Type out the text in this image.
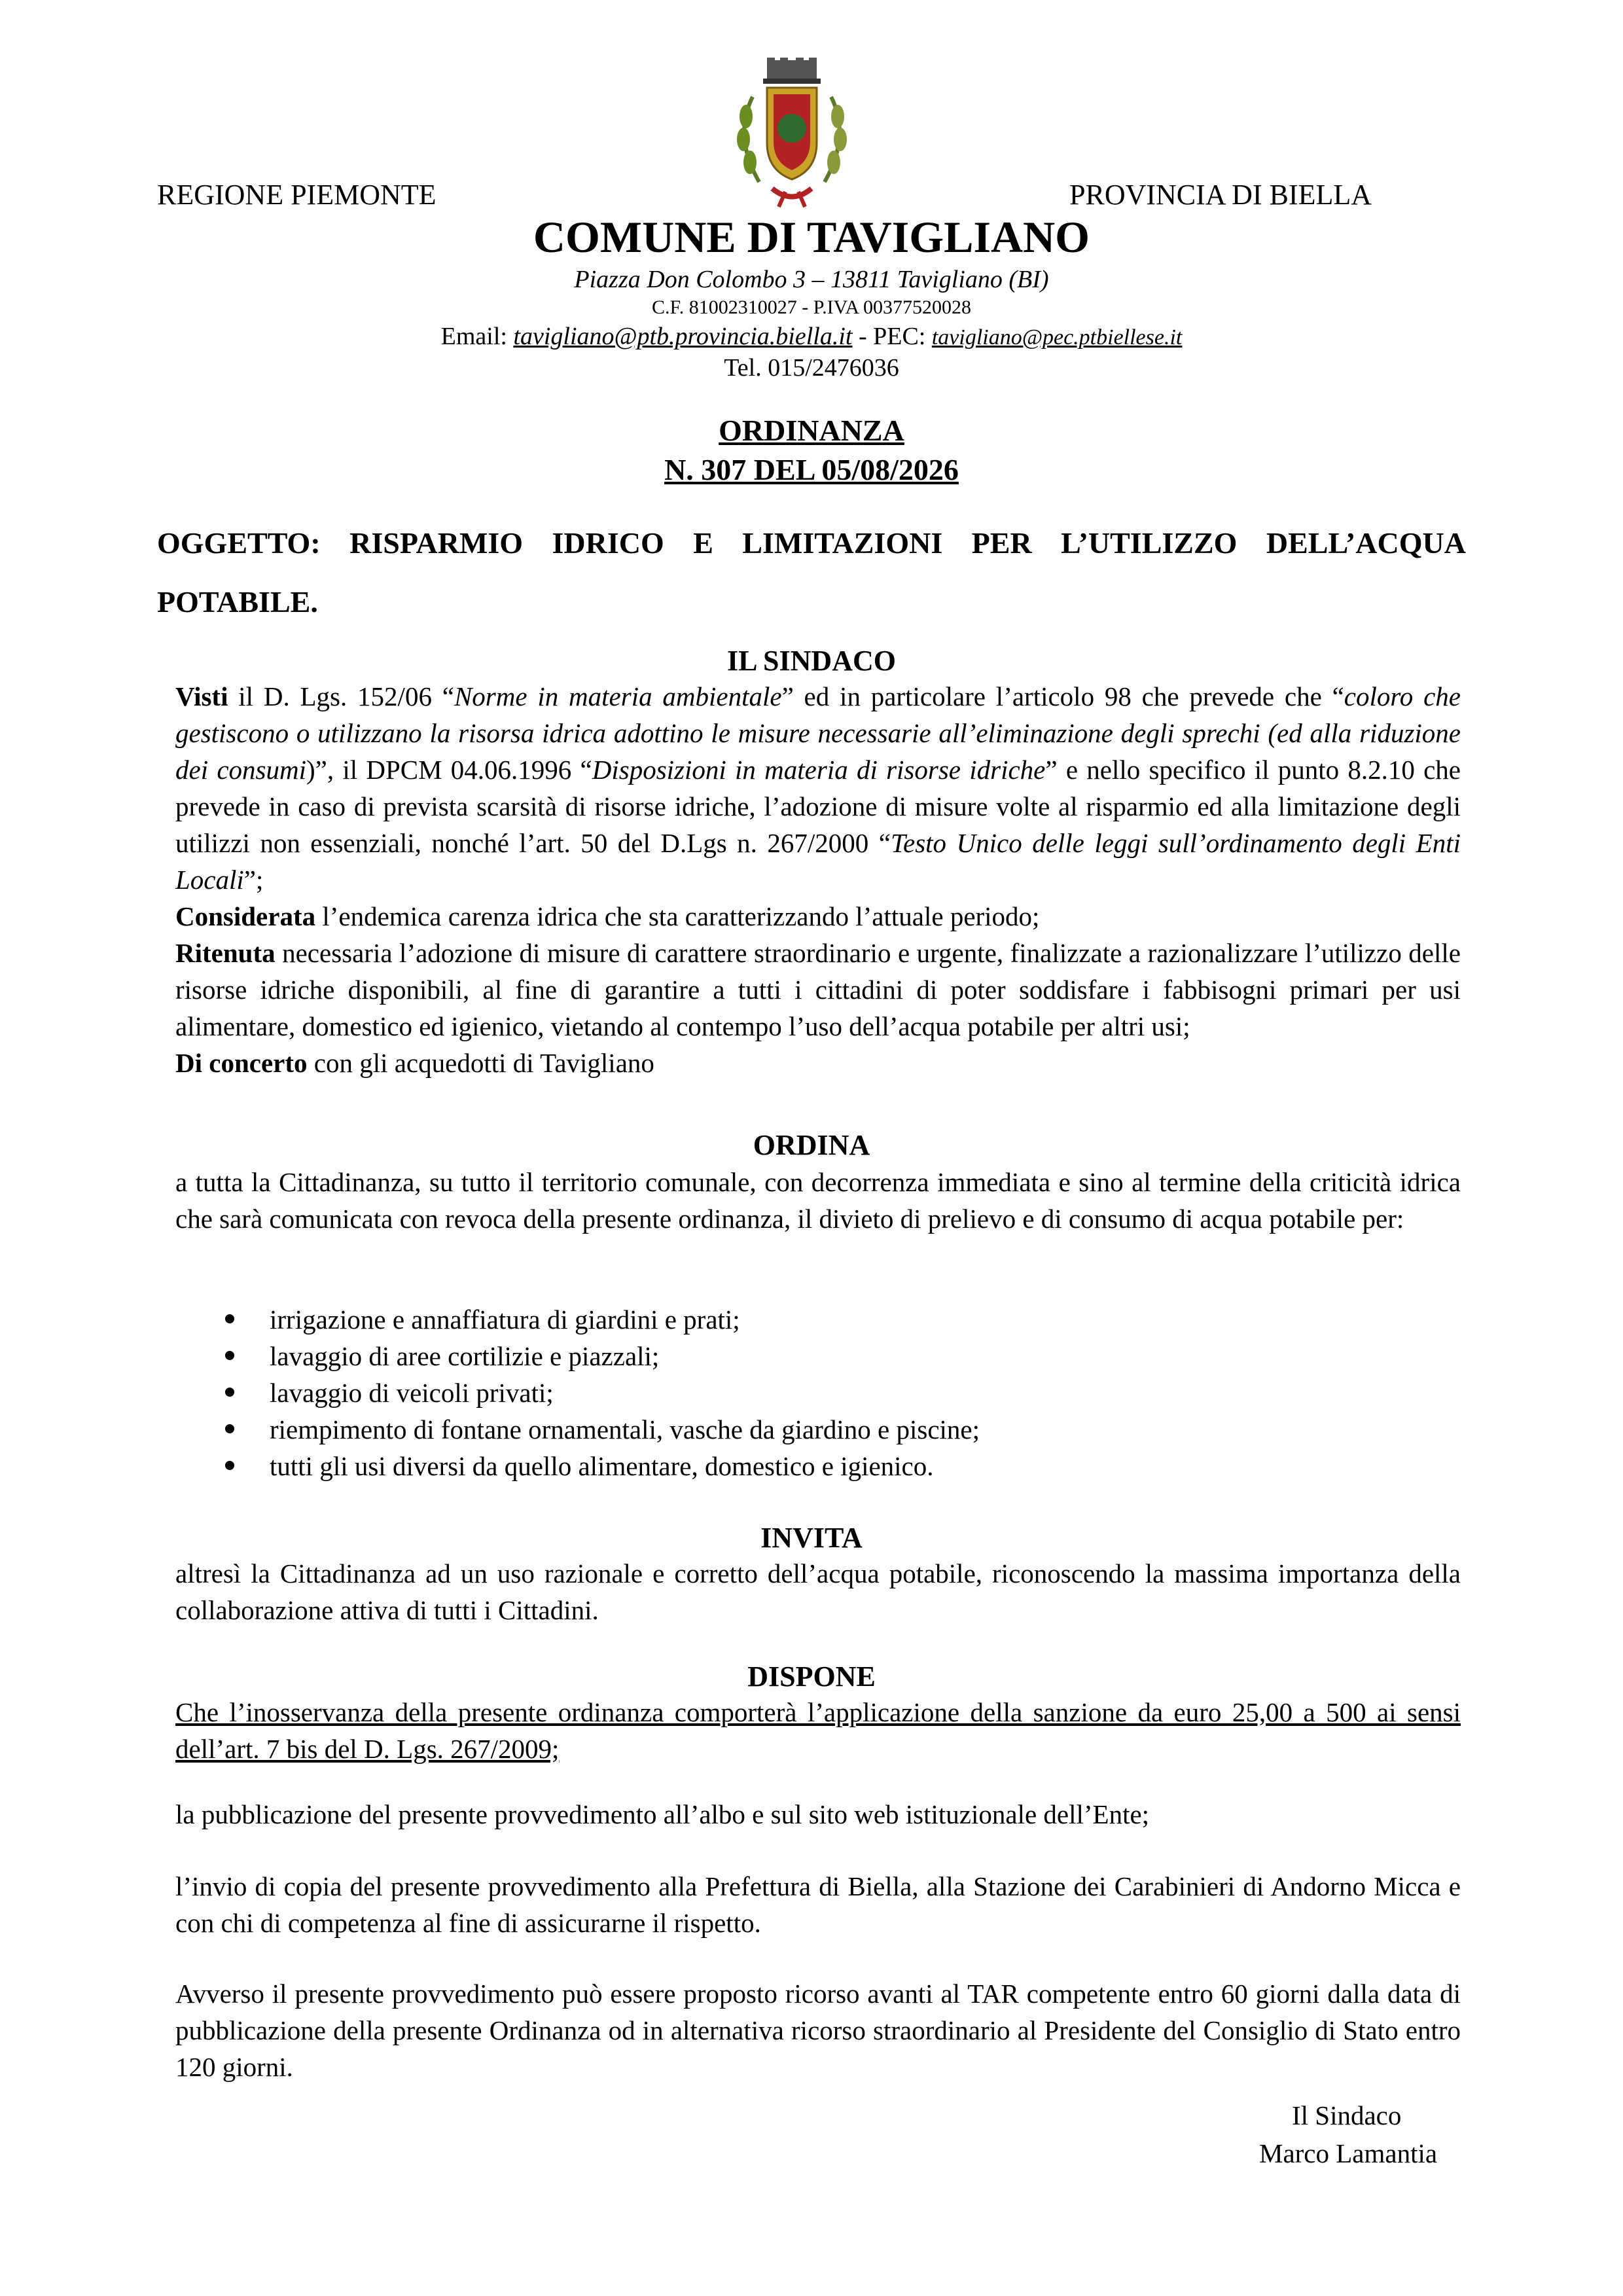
REGIONE PIEMONTE	PROVINCIA DI BIELLA
COMUNE DI TAVIGLIANO
Piazza Don Colombo 3 – 13811 Tavigliano (BI)
C.F. 81002310027 - P.IVA 00377520028
Email: tavigliano@ptb.provincia.biella.it - PEC: tavigliano@pec.ptbiellese.it
Tel. 015/2476036
ORDINANZA
N. 307 DEL 05/08/2026
OGGETTO: RISPARMIO IDRICO E LIMITAZIONI PER L’UTILIZZO DELL’ACQUA
POTABILE.
IL SINDACO
Visti il D. Lgs. 152/06 “Norme in materia ambientale” ed in particolare l’articolo 98 che prevede che “coloro che gestiscono o utilizzano la risorsa idrica adottino le misure necessarie all’eliminazione degli sprechi (ed alla riduzione dei consumi)”, il DPCM 04.06.1996 “Disposizioni in materia di risorse idriche” e nello specifico il punto 8.2.10 che prevede in caso di prevista scarsità di risorse idriche, l’adozione di misure volte al risparmio ed alla limitazione degli utilizzi non essenziali, nonché l’art. 50 del D.Lgs n. 267/2000 “Testo Unico delle leggi sull’ordinamento degli Enti Locali”;
Considerata l’endemica carenza idrica che sta caratterizzando l’attuale periodo;
Ritenuta necessaria l’adozione di misure di carattere straordinario e urgente, finalizzate a razionalizzare l’utilizzo delle risorse idriche disponibili, al fine di garantire a tutti i cittadini di poter soddisfare i fabbisogni primari per usi alimentare, domestico ed igienico, vietando al contempo l’uso dell’acqua potabile per altri usi;
Di concerto con gli acquedotti di Tavigliano
ORDINA
a tutta la Cittadinanza, su tutto il territorio comunale, con decorrenza immediata e sino al termine della criticità idrica che sarà comunicata con revoca della presente ordinanza, il divieto di prelievo e di consumo di acqua potabile per:
irrigazione e annaffiatura di giardini e prati;
lavaggio di aree cortilizie e piazzali;
lavaggio di veicoli privati;
riempimento di fontane ornamentali, vasche da giardino e piscine;
tutti gli usi diversi da quello alimentare, domestico e igienico.
INVITA
altresì la Cittadinanza ad un uso razionale e corretto dell’acqua potabile, riconoscendo la massima importanza della collaborazione attiva di tutti i Cittadini.
DISPONE
Che l’inosservanza della presente ordinanza comporterà l’applicazione della sanzione da euro 25,00 a 500 ai sensi dell’art. 7 bis del D. Lgs. 267/2009;
la pubblicazione del presente provvedimento all’albo e sul sito web istituzionale dell’Ente;
l’invio di copia del presente provvedimento alla Prefettura di Biella, alla Stazione dei Carabinieri di Andorno Micca e con chi di competenza al fine di assicurarne il rispetto.
Avverso il presente provvedimento può essere proposto ricorso avanti al TAR competente entro 60 giorni dalla data di pubblicazione della presente Ordinanza od in alternativa ricorso straordinario al Presidente del Consiglio di Stato entro 120 giorni.
Il Sindaco
Marco Lamantia
